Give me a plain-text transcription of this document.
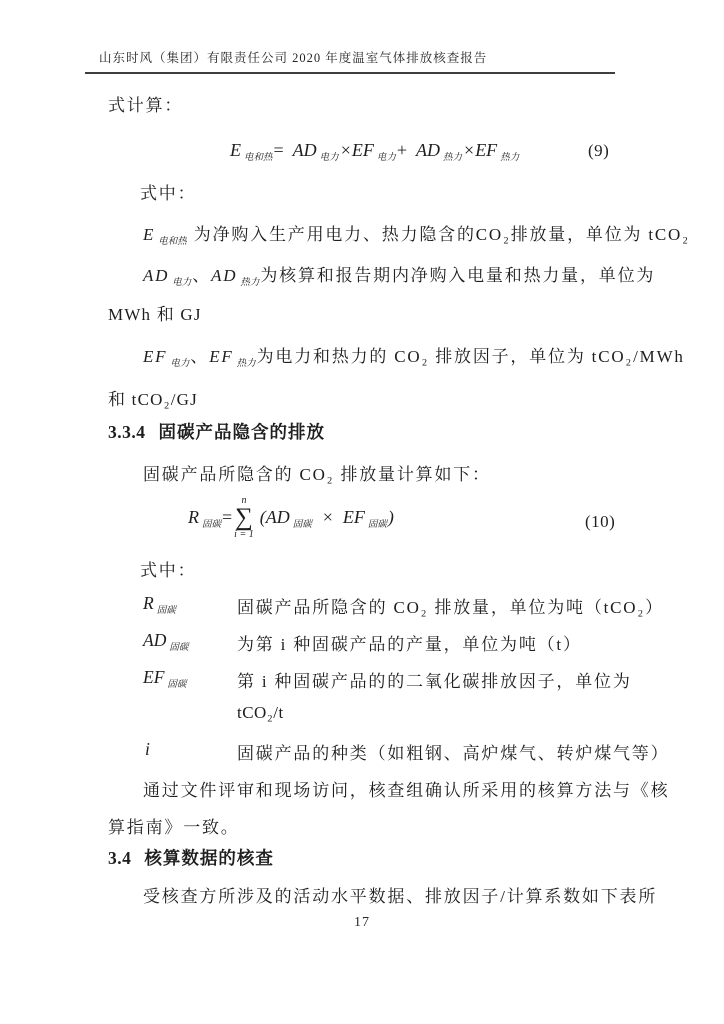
山东时风（集团）有限责任公司 2020 年度温室气体排放核查报告
式计算：
E 电和热 = AD 电力 × EF 电力 + AD 热力 × EF 热力	(9)
式中：
E $_{电和热}$ 为净购入生产用电力、热力隐含的CO₂排放量，单位为 tCO₂
AD $_{电力}$、AD $_{热力}$为核算和报告期内净购入电量和热力量，单位为
MWh 和 GJ
EF $_{电力}$、EF $_{热力}$为电力和热力的 CO₂ 排放因子，单位为 tCO₂/MWh
和 tCO₂/GJ
3.3.4 固碳产品隐含的排放
固碳产品所隐含的 CO₂ 排放量计算如下：
R 固碳 =
n
∑
i = 1
( AD 固碳 × EF 固碳 )	(10)
式中：
R $_{固碳}$	固碳产品所隐含的 CO₂ 排放量，单位为吨（tCO₂）
AD $_{固碳}$	为第 i 种固碳产品的产量，单位为吨（t）
EF $_{固碳}$	第 i 种固碳产品的的二氧化碳排放因子，单位为
tCO₂/t
i	固碳产品的种类（如粗钢、高炉煤气、转炉煤气等）
通过文件评审和现场访问，核查组确认所采用的核算方法与《核
算指南》一致。
3.4 核算数据的核查
受核查方所涉及的活动水平数据、排放因子/计算系数如下表所
17
